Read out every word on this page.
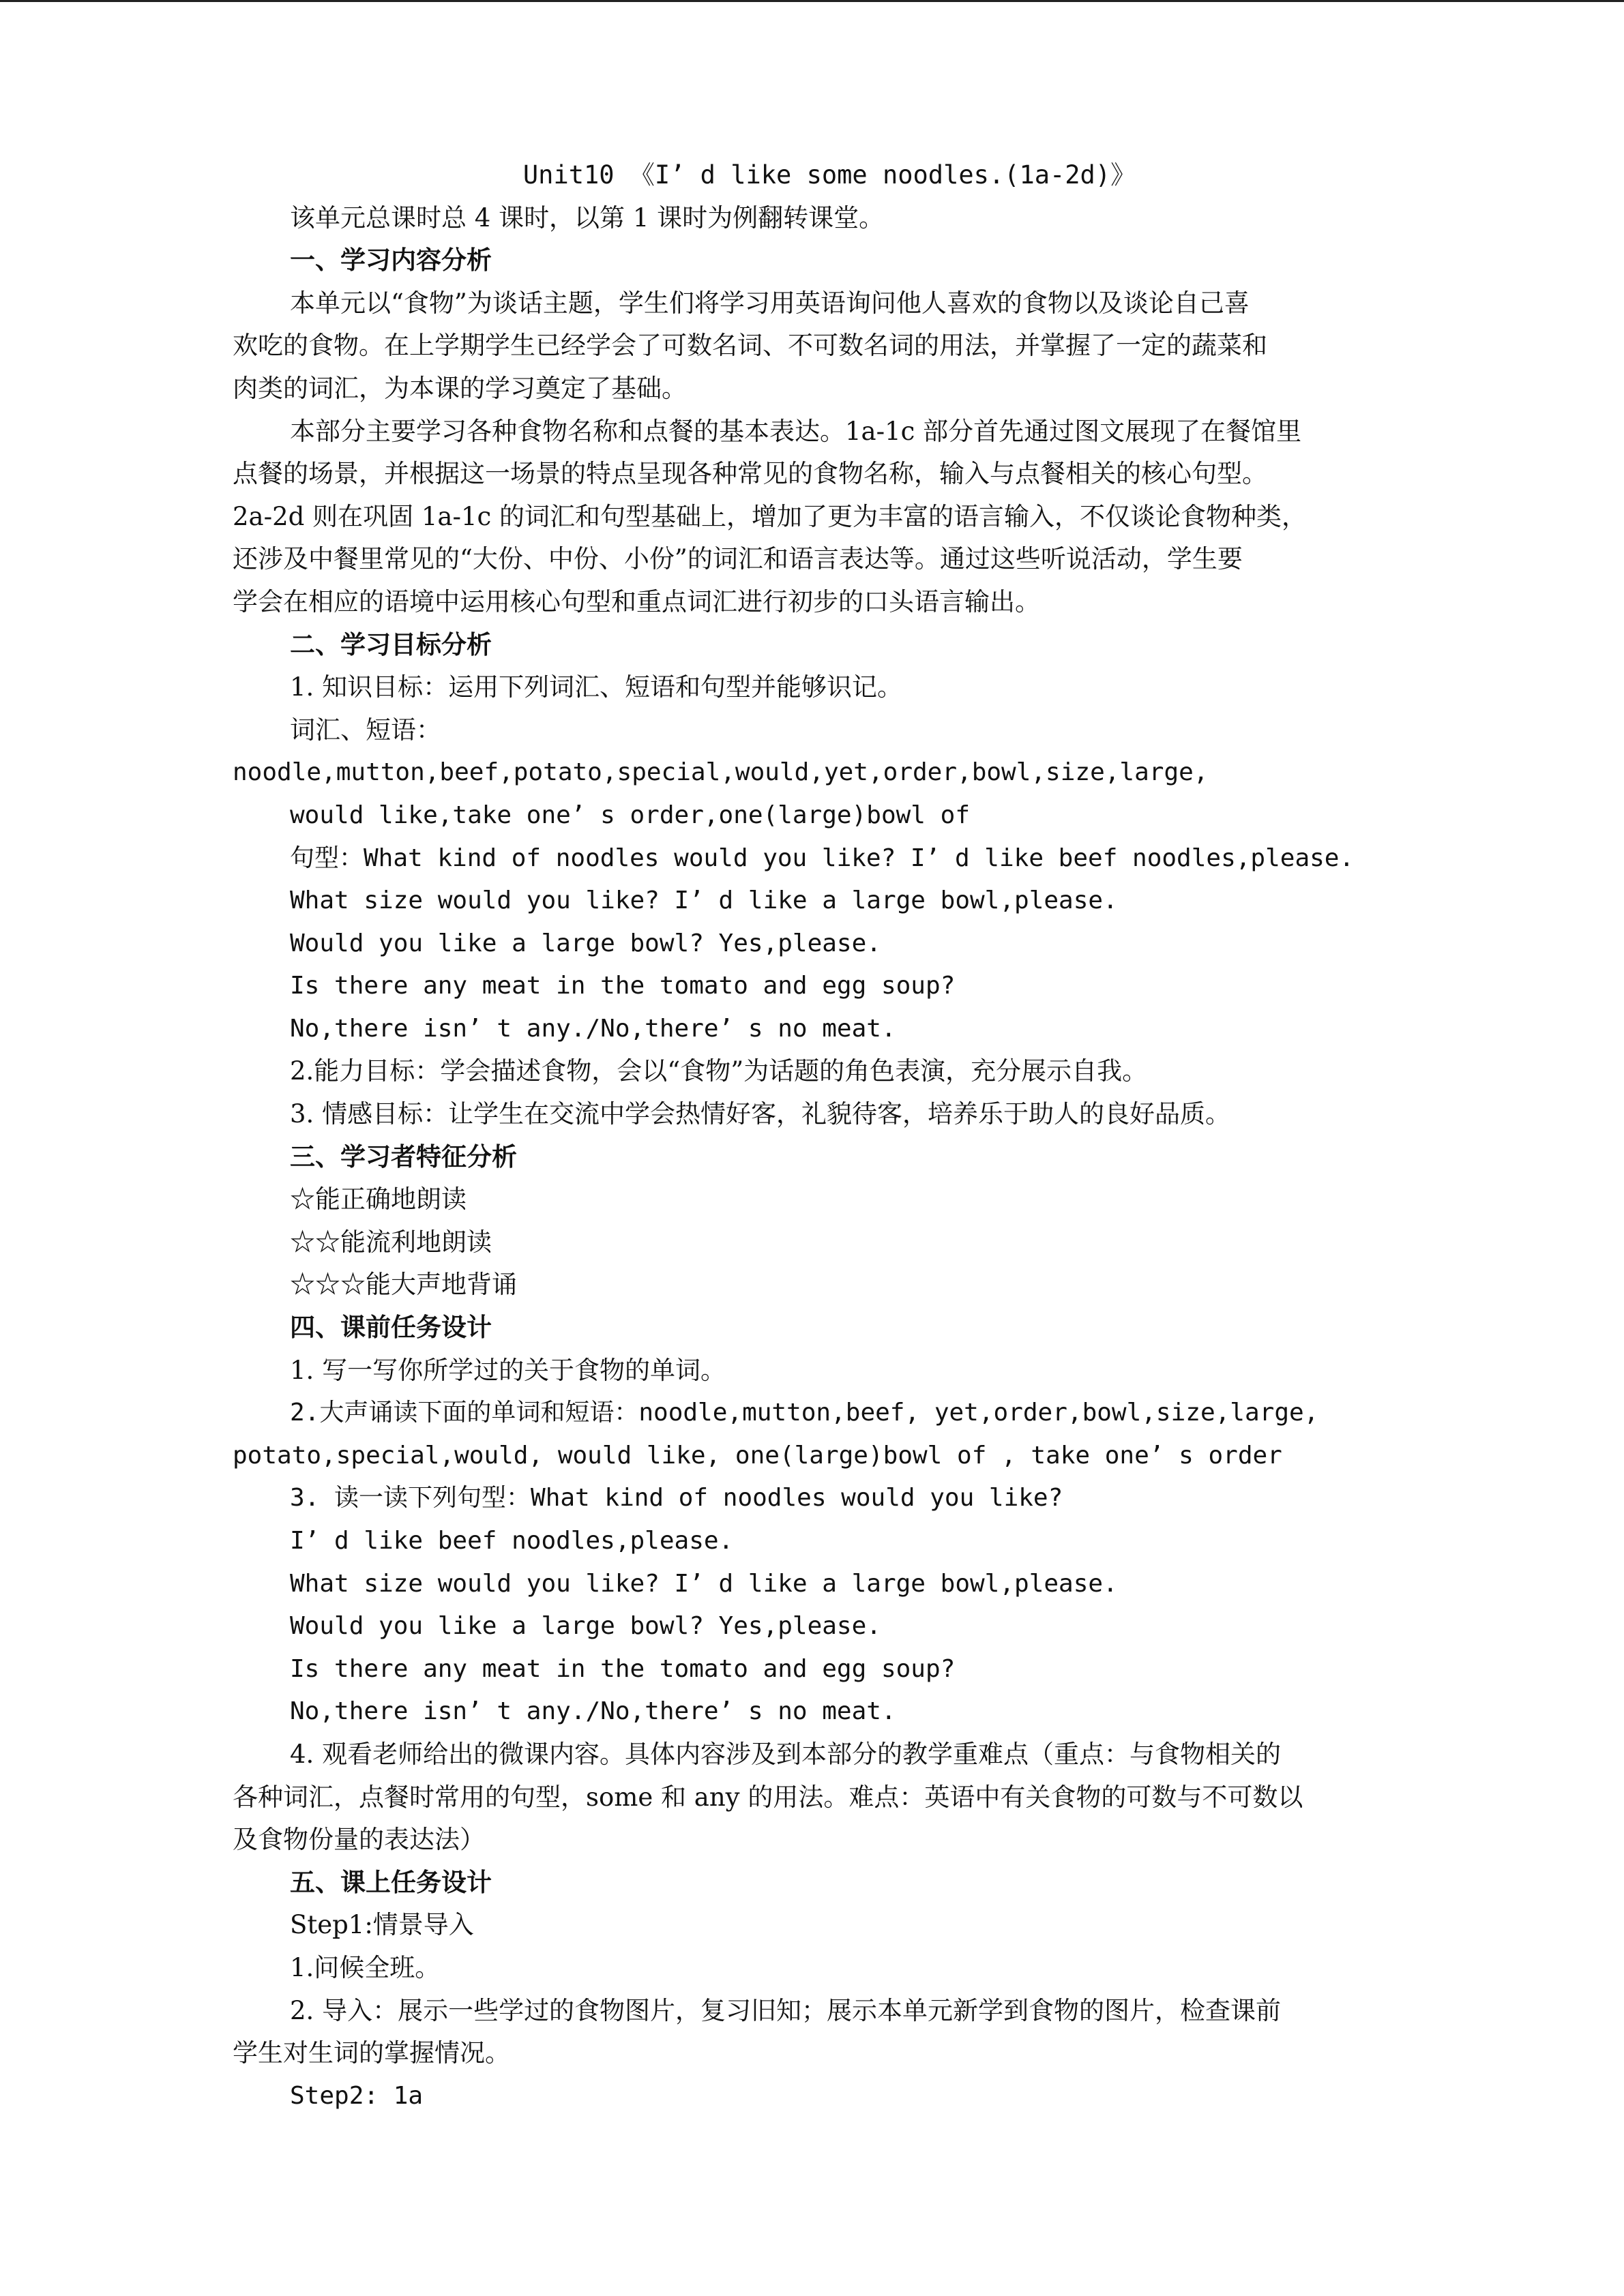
Unit10 《I’ d like some noodles.(1a-2d)》
该单元总课时总 4 课时，以第 1 课时为例翻转课堂。
一、学习内容分析
本单元以“食物”为谈话主题，学生们将学习用英语询问他人喜欢的食物以及谈论自己喜
欢吃的食物。在上学期学生已经学会了可数名词、不可数名词的用法，并掌握了一定的蔬菜和
肉类的词汇，为本课的学习奠定了基础。
本部分主要学习各种食物名称和点餐的基本表达。1a-1c 部分首先通过图文展现了在餐馆里
点餐的场景，并根据这一场景的特点呈现各种常见的食物名称，输入与点餐相关的核心句型。
2a-2d 则在巩固 1a-1c 的词汇和句型基础上，增加了更为丰富的语言输入，不仅谈论食物种类，
还涉及中餐里常见的“大份、中份、小份”的词汇和语言表达等。通过这些听说活动，学生要
学会在相应的语境中运用核心句型和重点词汇进行初步的口头语言输出。
二、学习目标分析
1. 知识目标：运用下列词汇、短语和句型并能够识记。
词汇、短语：
noodle,mutton,beef,potato,special,would,yet,order,bowl,size,large,
would like,take one’ s order,one(large)bowl of
句型：What kind of noodles would you like? I’ d like beef noodles,please.
What size would you like? I’ d like a large bowl,please.
Would you like a large bowl? Yes,please.
Is there any meat in the tomato and egg soup?
No,there isn’ t any./No,there’ s no meat.
2.能力目标：学会描述食物，会以“食物”为话题的角色表演，充分展示自我。
3. 情感目标：让学生在交流中学会热情好客，礼貌待客，培养乐于助人的良好品质。
三、学习者特征分析
☆能正确地朗读
☆☆能流利地朗读
☆☆☆能大声地背诵
四、课前任务设计
1. 写一写你所学过的关于食物的单词。
2.大声诵读下面的单词和短语：noodle,mutton,beef, yet,order,bowl,size,large,
potato,special,would, would like, one(large)bowl of , take one’ s order
3. 读一读下列句型：What kind of noodles would you like?
I’ d like beef noodles,please.
What size would you like? I’ d like a large bowl,please.
Would you like a large bowl? Yes,please.
Is there any meat in the tomato and egg soup?
No,there isn’ t any./No,there’ s no meat.
4. 观看老师给出的微课内容。具体内容涉及到本部分的教学重难点（重点：与食物相关的
各种词汇，点餐时常用的句型，some 和 any 的用法。难点：英语中有关食物的可数与不可数以
及食物份量的表达法）
五、课上任务设计
Step1:情景导入
1.问候全班。
2. 导入：展示一些学过的食物图片，复习旧知；展示本单元新学到食物的图片，检查课前
学生对生词的掌握情况。
Step2: 1a
